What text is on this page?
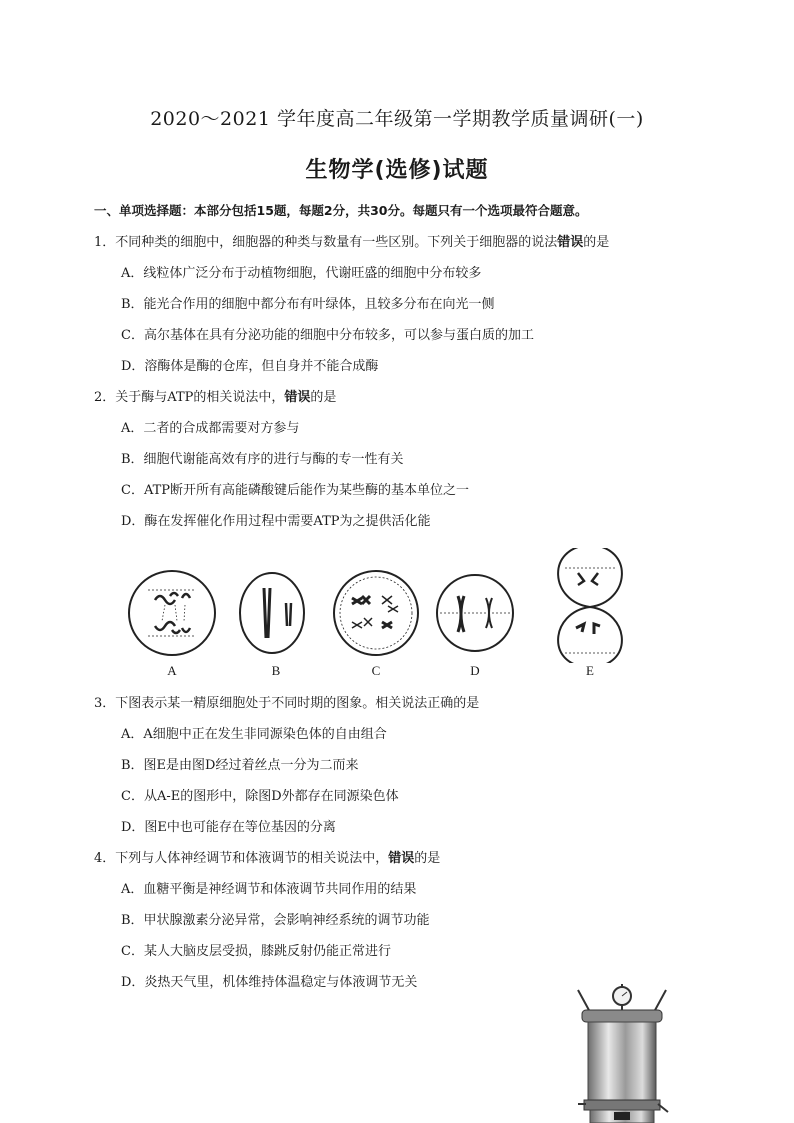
2020～2021 学年度高二年级第一学期教学质量调研(一)
生物学(选修)试题
一、单项选择题：本部分包括15题，每题2分，共30分。每题只有一个选项最符合题意。
1．不同种类的细胞中，细胞器的种类与数量有一些区别。下列关于细胞器的说法错误的是
A．线粒体广泛分布于动植物细胞，代谢旺盛的细胞中分布较多
B．能光合作用的细胞中都分布有叶绿体，且较多分布在向光一侧
C．高尔基体在具有分泌功能的细胞中分布较多，可以参与蛋白质的加工
D．溶酶体是酶的仓库，但自身并不能合成酶
2．关于酶与ATP的相关说法中，错误的是
A．二者的合成都需要对方参与
B．细胞代谢能高效有序的进行与酶的专一性有关
C．ATP断开所有高能磷酸键后能作为某些酶的基本单位之一
D．酶在发挥催化作用过程中需要ATP为之提供活化能
A	B	C	D	E
3．下图表示某一精原细胞处于不同时期的图象。相关说法正确的是
A．A细胞中正在发生非同源染色体的自由组合
B．图E是由图D经过着丝点一分为二而来
C．从A-E的图形中，除图D外都存在同源染色体
D．图E中也可能存在等位基因的分离
4．下列与人体神经调节和体液调节的相关说法中，错误的是
A．血糖平衡是神经调节和体液调节共同作用的结果
B．甲状腺激素分泌异常，会影响神经系统的调节功能
C．某人大脑皮层受损，膝跳反射仍能正常进行
D．炎热天气里，机体维持体温稳定与体液调节无关
